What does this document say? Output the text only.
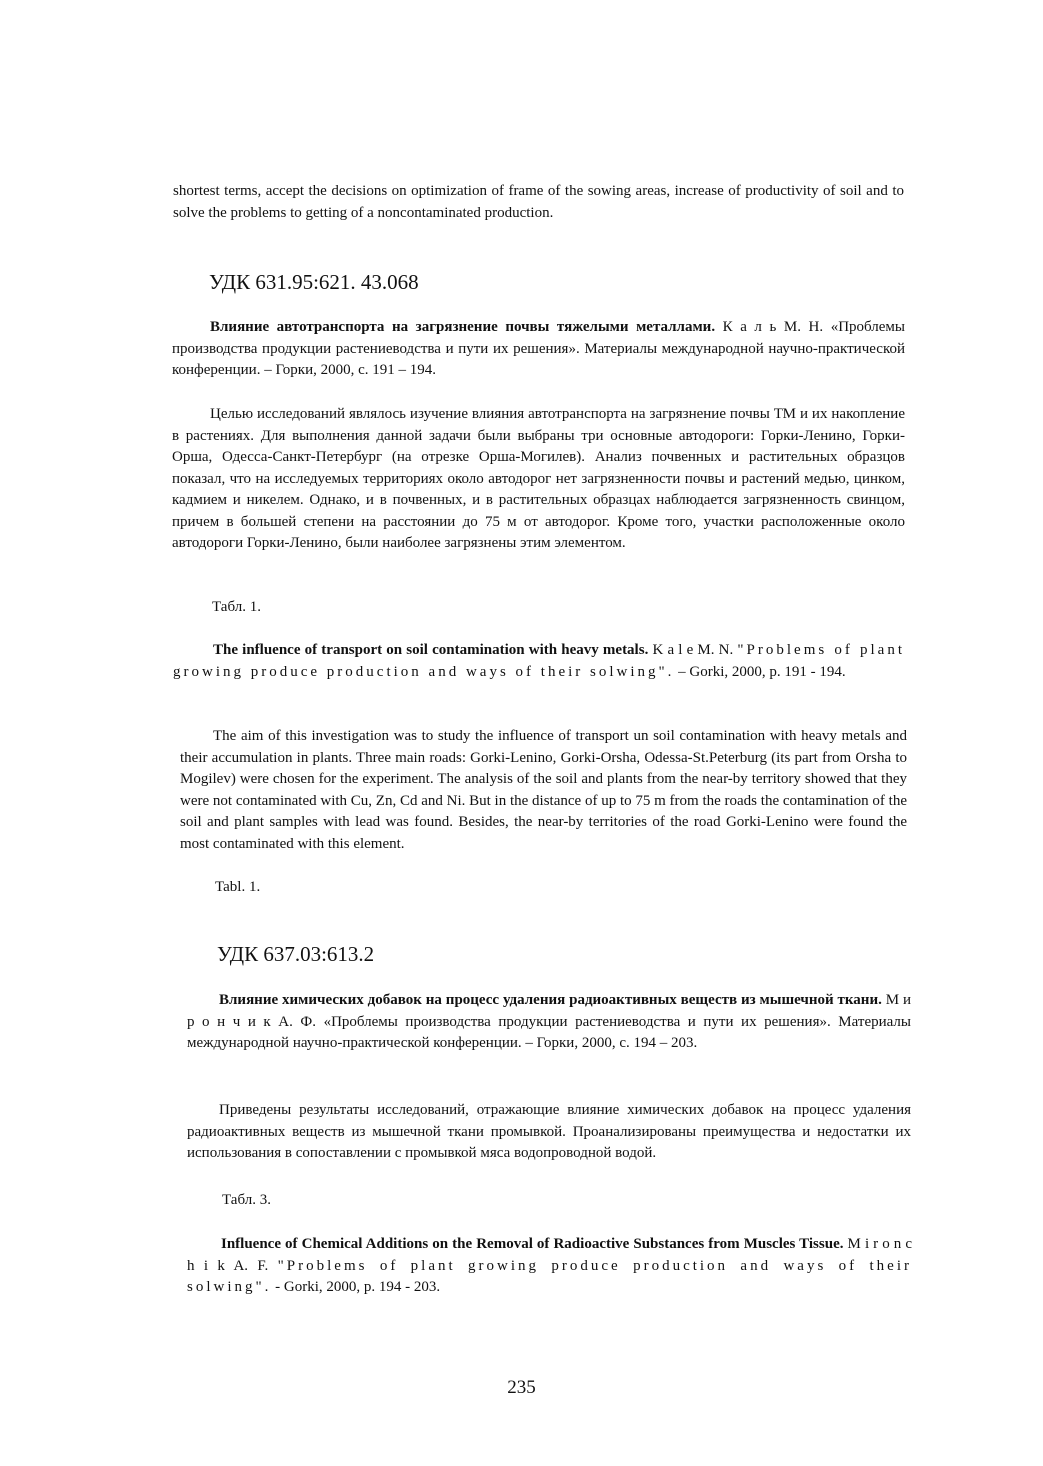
shortest terms, accept the decisions on optimization of frame of the sowing areas, increase of productivity of soil and to solve the problems to getting of a noncontaminated production.

УДК 631.95:621. 43.068

Влияние автотранспорта на загрязнение почвы тяжелыми металлами. К а л ь М. Н. «Проблемы производства продукции растениеводства и пути их решения». Материалы международной научно-практической конференции. – Горки, 2000, с. 191 – 194.

Целью исследований являлось изучение влияния автотранспорта на загрязнение почвы ТМ и их накопление в растениях. Для выполнения данной задачи были выбраны три основные автодороги: Горки-Ленино, Горки-Орша, Одесса-Санкт-Петербург (на отрезке Орша-Могилев). Анализ почвенных и растительных образцов показал, что на исследуемых территориях около автодорог нет загрязненности почвы и растений медью, цинком, кадмием и никелем. Однако, и в почвенных, и в растительных образцах наблюдается загрязненность свинцом, причем в большей степени на расстоянии до 75 м от автодорог. Кроме того, участки расположенные около автодороги Горки-Ленино, были наиболее загрязнены этим элементом.

Табл. 1.

The influence of transport on soil contamination with heavy metals. K a l e M. N. "Problems of plant growing produce production and ways of their solwing". – Gorki, 2000, p. 191 - 194.

The aim of this investigation was to study the influence of transport un soil contamination with heavy metals and their accumulation in plants. Three main roads: Gorki-Lenino, Gorki-Orsha, Odessa-St.Peterburg (its part from Orsha to Mogilev) were chosen for the experiment. The analysis of the soil and plants from the near-by territory showed that they were not contaminated with Cu, Zn, Cd and Ni. But in the distance of up to 75 m from the roads the contamination of the soil and plant samples with lead was found. Besides, the near-by territories of the road Gorki-Lenino were found the most contaminated with this element.

Tabl. 1.

УДК 637.03:613.2

Влияние химических добавок на процесс удаления радиоактивных веществ из мышечной ткани. М и р о н ч и к А. Ф. «Проблемы производства продукции растениеводства и пути их решения». Материалы международной научно-практической конференции. – Горки, 2000, с. 194 – 203.

Приведены результаты исследований, отражающие влияние химических добавок на процесс удаления радиоактивных веществ из мышечной ткани промывкой. Проанализированы преимущества и недостатки их использования в сопоставлении с промывкой мяса водопроводной водой.

Табл. 3.

Influence of Chemical Additions on the Removal of Radioactive Substances from Muscles Tissue. M i r o n c h i k A. F. "Problems of plant growing produce production and ways of their solwing". - Gorki, 2000, p. 194 - 203.

235
